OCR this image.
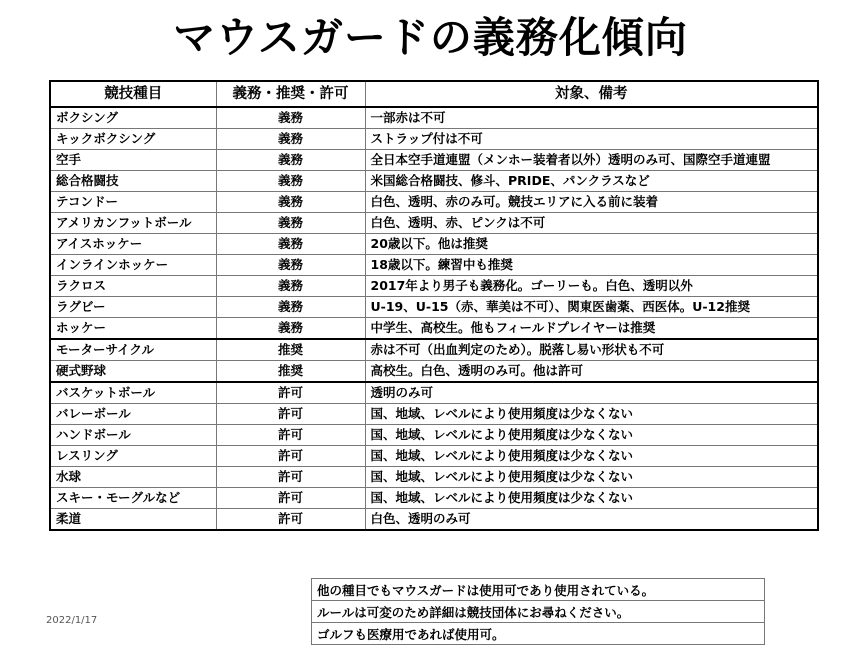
マウスガードの義務化傾向
競技種目	義務・推奨・許可	対象、備考
ボクシング	義務	一部赤は不可
キックボクシング	義務	ストラップ付は不可
空手	義務	全日本空手道連盟（メンホー装着者以外）透明のみ可、国際空手道連盟
総合格闘技	義務	米国総合格闘技、修斗、PRIDE、パンクラスなど
テコンドー	義務	白色、透明、赤のみ可。競技エリアに入る前に装着
アメリカンフットボール	義務	白色、透明、赤、ピンクは不可
アイスホッケー	義務	20歳以下。他は推奨
インラインホッケー	義務	18歳以下。練習中も推奨
ラクロス	義務	2017年より男子も義務化。ゴーリーも。白色、透明以外
ラグビー	義務	U-19、U-15（赤、華美は不可）、関東医歯薬、西医体。U-12推奨
ホッケー	義務	中学生、高校生。他もフィールドプレイヤーは推奨
モーターサイクル	推奨	赤は不可（出血判定のため）。脱落し易い形状も不可
硬式野球	推奨	高校生。白色、透明のみ可。他は許可
バスケットボール	許可	透明のみ可
バレーボール	許可	国、地域、レベルにより使用頻度は少なくない
ハンドボール	許可	国、地域、レベルにより使用頻度は少なくない
レスリング	許可	国、地域、レベルにより使用頻度は少なくない
水球	許可	国、地域、レベルにより使用頻度は少なくない
スキー・モーグルなど	許可	国、地域、レベルにより使用頻度は少なくない
柔道	許可	白色、透明のみ可
2022/1/17
他の種目でもマウスガードは使用可であり使用されている。
ルールは可変のため詳細は競技団体にお尋ねください。
ゴルフも医療用であれば使用可。
